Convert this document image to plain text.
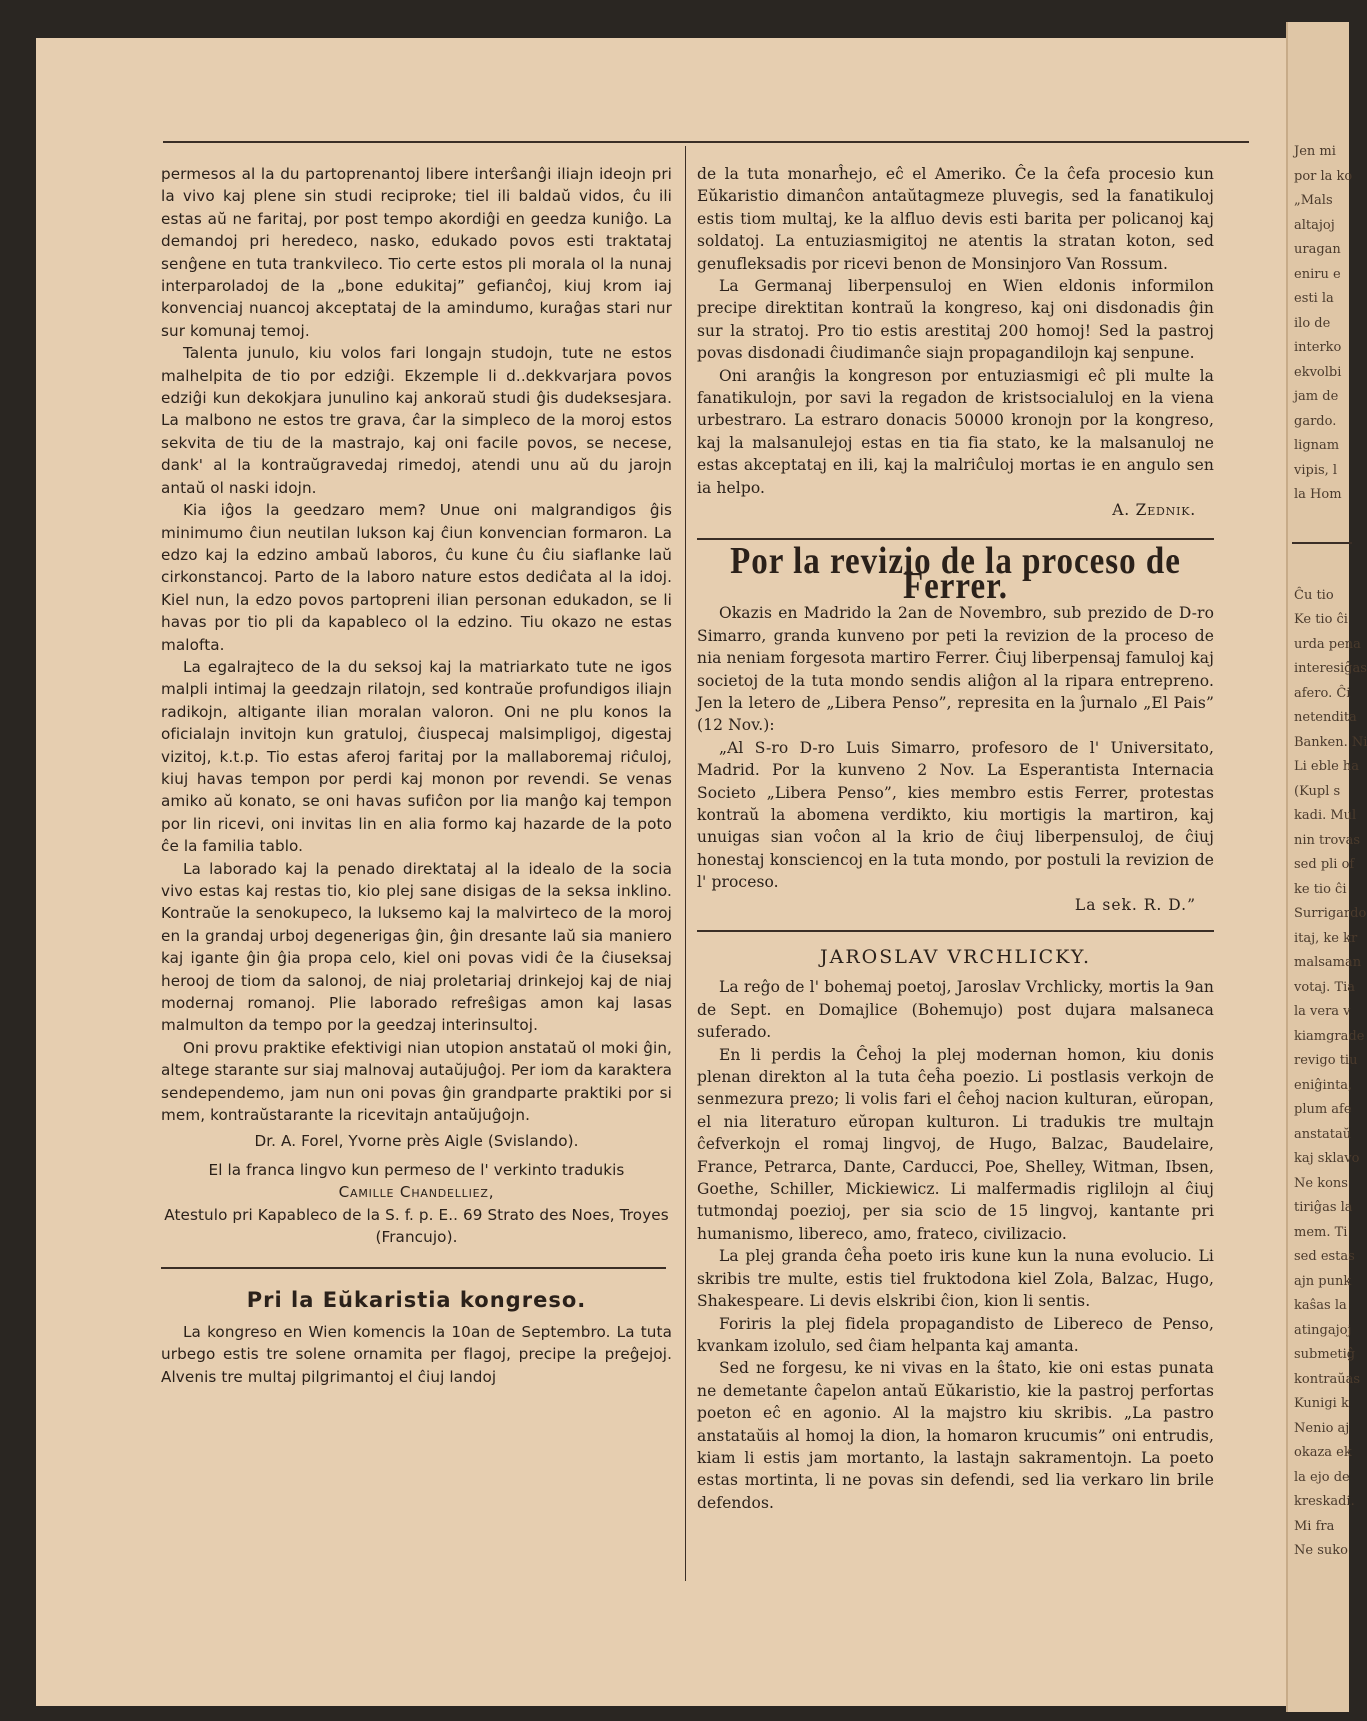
Jen mi
por la ko
„Mals
altajoj
uragan
eniru e
esti la
ilo de
interko
ekvolbi
jam de
gardo.
lignam
vipis, l
la Hom
Ĉu tio
Ke tio ĉi
urda pena
interesiĝas
afero. Ĉi
netendita
Banken. Ni
Li eble ha
(Kupl s
kadi. Mul
nin trovas
sed pli of
ke tio ĉi
Surrigardo
itaj, ke kr
malsaman
votaj. Tia
la vera v
kiamgrade
revigo tiu
eniĝinta,
plum afe
anstataŭ
kaj sklavo
Ne kons
tiriĝas la
mem. Ti
sed estas
ajn punk
kaŝas la
atingajoj
submetiĝ
kontraŭas
Kunigi k
Nenio aj
okaza ek
la ejo de
kreskadi.
Mi fra
Ne suko

permesos al la du partoprenantoj libere interŝanĝi iliajn ideojn pri la vivo kaj plene sin studi reciproke; tiel ili baldaŭ vidos, ĉu ili estas aŭ ne faritaj, por post tempo akordiĝi en geedza kuniĝo. La demandoj pri heredeco, nasko, edukado povos esti traktataj senĝene en tuta trankvileco. Tio certe estos pli morala ol la nunaj interparoladoj de la „bone edukitaj” gefianĉoj, kiuj krom iaj konvenciaj nuancoj akceptataj de la amindumo, kuraĝas stari nur sur komunaj temoj.

Talenta junulo, kiu volos fari longajn studojn, tute ne estos malhelpita de tio por edziĝi. Ekzemple li d..dekkvarjara povos edziĝi kun dekokjara junulino kaj ankoraŭ studi ĝis dudeksesjara. La malbono ne estos tre grava, ĉar la simpleco de la moroj estos sekvita de tiu de la mastrajo, kaj oni facile povos, se necese, dank' al la kontraŭgravedaj rimedoj, atendi unu aŭ du jarojn antaŭ ol naski idojn.

Kia iĝos la geedzaro mem? Unue oni malgrandigos ĝis minimumo ĉiun neutilan lukson kaj ĉiun konvencian formaron. La edzo kaj la edzino ambaŭ laboros, ĉu kune ĉu ĉiu siaflanke laŭ cirkonstancoj. Parto de la laboro nature estos dediĉata al la idoj. Kiel nun, la edzo povos partopreni ilian personan edukadon, se li havas por tio pli da kapableco ol la edzino. Tiu okazo ne estas malofta.

La egalrajteco de la du seksoj kaj la matriarkato tute ne igos malpli intimaj la geedzajn rilatojn, sed kontraŭe profundigos iliajn radikojn, altigante ilian moralan valoron. Oni ne plu konos la oficialajn invitojn kun gratuloj, ĉiuspecaj malsimpligoj, digestaj vizitoj, k.t.p. Tio estas aferoj faritaj por la mallaboremaj riĉuloj, kiuj havas tempon por perdi kaj monon por revendi. Se venas amiko aŭ konato, se oni havas sufiĉon por lia manĝo kaj tempon por lin ricevi, oni invitas lin en alia formo kaj hazarde de la poto ĉe la familia tablo.

La laborado kaj la penado direktataj al la idealo de la socia vivo estas kaj restas tio, kio plej sane disigas de la seksa inklino. Kontraŭe la senokupeco, la luksemo kaj la malvirteco de la moroj en la grandaj urboj degenerigas ĝin, ĝin dresante laŭ sia maniero kaj igante ĝin ĝia propa celo, kiel oni povas vidi ĉe la ĉiuseksaj herooj de tiom da salonoj, de niaj proletariaj drinkejoj kaj de niaj modernaj romanoj. Plie laborado refreŝigas amon kaj lasas malmulton da tempo por la geedzaj interinsultoj.

Oni provu praktike efektivigi nian utopion anstataŭ ol moki ĝin, altege starante sur siaj malnovaj autaŭjuĝoj. Per iom da karaktera sendependemo, jam nun oni povas ĝin grandparte praktiki por si mem, kontraŭstarante la ricevitajn antaŭjuĝojn.

Dr. A. Forel, Yvorne près Aigle (Svislando).

El la franca lingvo kun permeso de l' verkinto tradukis

Camille Chandelliez,

Atestulo pri Kapableco de la S. f. p. E.. 69 Strato des Noes, Troyes (Francujo).

Pri la Eŭkaristia kongreso.

La kongreso en Wien komencis la 10an de Septembro. La tuta urbego estis tre solene ornamita per flagoj, precipe la preĝejoj. Alvenis tre multaj pilgrimantoj el ĉiuj landoj

de la tuta monarĥejo, eĉ el Ameriko. Ĉe la ĉefa procesio kun Eŭkaristio dimanĉon antaŭtagmeze pluvegis, sed la fanatikuloj estis tiom multaj, ke la alfluo devis esti barita per policanoj kaj soldatoj. La entuziasmigitoj ne atentis la stratan koton, sed genufleksadis por ricevi benon de Monsinjoro Van Rossum.

La Germanaj liberpensuloj en Wien eldonis informilon precipe direktitan kontraŭ la kongreso, kaj oni disdonadis ĝin sur la stratoj. Pro tio estis arestitaj 200 homoj! Sed la pastroj povas disdonadi ĉiudimanĉe siajn propagandilojn kaj senpune.

Oni aranĝis la kongreson por entuziasmigi eĉ pli multe la fanatikulojn, por savi la regadon de kristsocialuloj en la viena urbestraro. La estraro donacis 50000 kronojn por la kongreso, kaj la malsanulejoj estas en tia fia stato, ke la malsanuloj ne estas akceptataj en ili, kaj la malriĉuloj mortas ie en angulo sen ia helpo.

A. Zednik.

Por la revizio de la proceso de Ferrer.

Okazis en Madrido la 2an de Novembro, sub prezido de D-ro Simarro, granda kunveno por peti la revizion de la proceso de nia neniam forgesota martiro Ferrer. Ĉiuj liberpensaj famuloj kaj societoj de la tuta mondo sendis aliĝon al la ripara entrepreno. Jen la letero de „Libera Penso”, represita en la ĵurnalo „El Pais” (12 Nov.):

„Al S-ro D-ro Luis Simarro, profesoro de l' Universitato, Madrid. Por la kunveno 2 Nov. La Esperantista Internacia Societo „Libera Penso”, kies membro estis Ferrer, protestas kontraŭ la abomena verdikto, kiu mortigis la martiron, kaj unuigas sian voĉon al la krio de ĉiuj liberpensuloj, de ĉiuj honestaj konsciencoj en la tuta mondo, por postuli la revizion de l' proceso.

La sek. R. D.”

JAROSLAV VRCHLICKY.

La reĝo de l' bohemaj poetoj, Jaroslav Vrchlicky, mortis la 9an de Sept. en Domajlice (Bohemujo) post dujara malsaneca suferado.

En li perdis la Ĉeĥoj la plej modernan homon, kiu donis plenan direkton al la tuta ĉeĥa poezio. Li postlasis verkojn de senmezura prezo; li volis fari el ĉeĥoj nacion kulturan, eŭropan, el nia literaturo eŭropan kulturon. Li tradukis tre multajn ĉefverkojn el romaj lingvoj, de Hugo, Balzac, Baudelaire, France, Petrarca, Dante, Carducci, Poe, Shelley, Witman, Ibsen, Goethe, Schiller, Mickiewicz. Li malfermadis riglilojn al ĉiuj tutmondaj poezioj, per sia scio de 15 lingvoj, kantante pri humanismo, libereco, amo, frateco, civilizacio.

La plej granda ĉeĥa poeto iris kune kun la nuna evolucio. Li skribis tre multe, estis tiel fruktodona kiel Zola, Balzac, Hugo, Shakespeare. Li devis elskribi ĉion, kion li sentis.

Foriris la plej fidela propagandisto de Libereco de Penso, kvankam izolulo, sed ĉiam helpanta kaj amanta.

Sed ne forgesu, ke ni vivas en la ŝtato, kie oni estas punata ne demetante ĉapelon antaŭ Eŭkaristio, kie la pastroj perfortas poeton eĉ en agonio. Al la majstro kiu skribis. „La pastro anstataŭis al homoj la dion, la homaron krucumis” oni entrudis, kiam li estis jam mortanto, la lastajn sakramentojn. La poeto estas mortinta, li ne povas sin defendi, sed lia verkaro lin brile defendos.
